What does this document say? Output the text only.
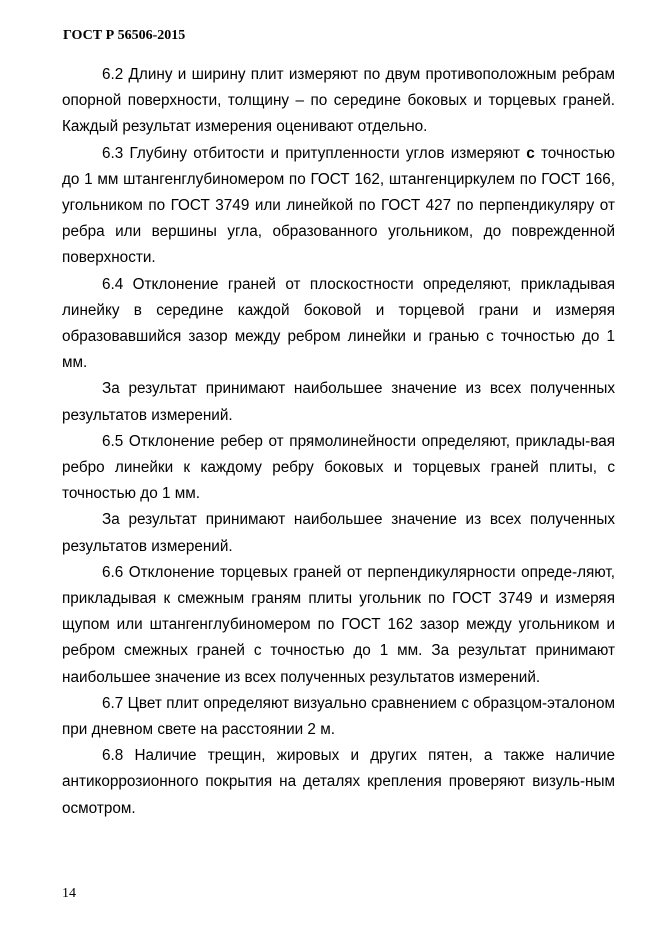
ГОСТ Р 56506-2015

6.2 Длину и ширину плит измеряют по двум противоположным ребрам опорной поверхности, толщину – по середине боковых и торцевых граней. Каждый результат измерения оценивают отдельно.

6.3 Глубину отбитости и притупленности углов измеряют с точностью до 1 мм штангенглубиномером по ГОСТ 162, штангенциркулем по ГОСТ 166, угольником по ГОСТ 3749 или линейкой по ГОСТ 427 по перпендикуляру от ребра или вершины угла, образованного угольником, до поврежденной поверхности.

6.4 Отклонение граней от плоскостности определяют, прикладывая линейку в середине каждой боковой и торцевой грани и измеряя образовавшийся зазор между ребром линейки и гранью с точностью до 1 мм.

За результат принимают наибольшее значение из всех полученных результатов измерений.

6.5 Отклонение ребер от прямолинейности определяют, приклады-вая ребро линейки к каждому ребру боковых и торцевых граней плиты, с точностью до 1 мм.

За результат принимают наибольшее значение из всех полученных результатов измерений.

6.6 Отклонение торцевых граней от перпендикулярности опреде-ляют, прикладывая к смежным граням плиты угольник по ГОСТ 3749 и измеряя щупом или штангенглубиномером по ГОСТ 162 зазор между угольником и ребром смежных граней с точностью до 1 мм. За результат принимают наибольшее значение из всех полученных результатов измерений.

6.7 Цвет плит определяют визуально сравнением с образцом-эталоном при дневном свете на расстоянии 2 м.

6.8 Наличие трещин, жировых и других пятен, а также наличие антикоррозионного покрытия на деталях крепления проверяют визуль-ным осмотром.

14
